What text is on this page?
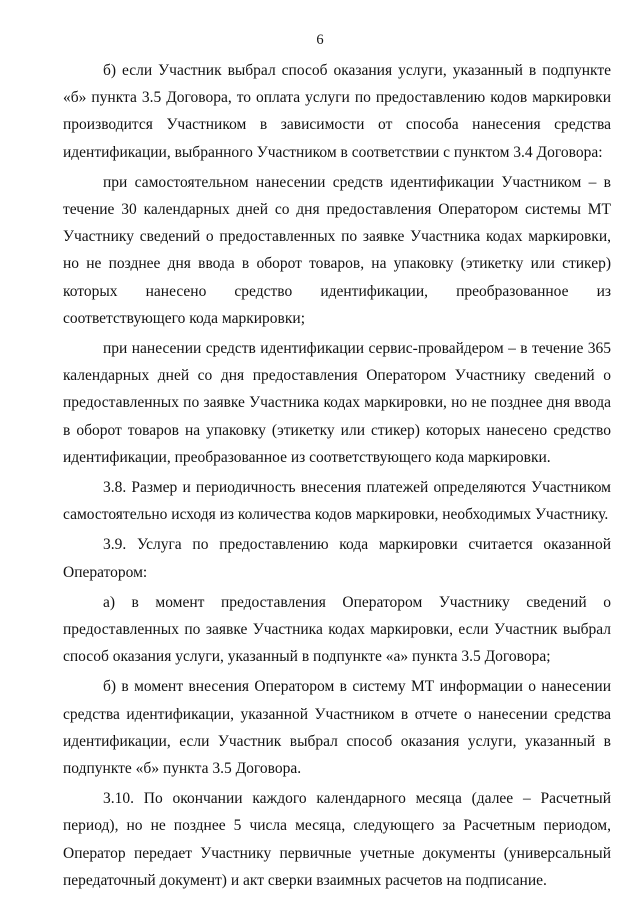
6

б) если Участник выбрал способ оказания услуги, указанный в подпункте «б» пункта 3.5 Договора, то оплата услуги по предоставлению кодов маркировки производится Участником в зависимости от способа нанесения средства идентификации, выбранного Участником в соответствии с пунктом 3.4 Договора:

при самостоятельном нанесении средств идентификации Участником – в течение 30 календарных дней со дня предоставления Оператором системы МТ Участнику сведений о предоставленных по заявке Участника кодах маркировки, но не позднее дня ввода в оборот товаров, на упаковку (этикетку или стикер) которых нанесено средство идентификации, преобразованное из соответствующего кода маркировки;

при нанесении средств идентификации сервис-провайдером – в течение 365 календарных дней со дня предоставления Оператором Участнику сведений о предоставленных по заявке Участника кодах маркировки, но не позднее дня ввода в оборот товаров на упаковку (этикетку или стикер) которых нанесено средство идентификации, преобразованное из соответствующего кода маркировки.

3.8. Размер и периодичность внесения платежей определяются Участником самостоятельно исходя из количества кодов маркировки, необходимых Участнику.

3.9. Услуга по предоставлению кода маркировки считается оказанной Оператором:

а) в момент предоставления Оператором Участнику сведений о предоставленных по заявке Участника кодах маркировки, если Участник выбрал способ оказания услуги, указанный в подпункте «а» пункта 3.5 Договора;

б) в момент внесения Оператором в систему МТ информации о нанесении средства идентификации, указанной Участником в отчете о нанесении средства идентификации, если Участник выбрал способ оказания услуги, указанный в подпункте «б» пункта 3.5 Договора.

3.10. По окончании каждого календарного месяца (далее – Расчетный период), но не позднее 5 числа месяца, следующего за Расчетным периодом, Оператор передает Участнику первичные учетные документы (универсальный передаточный документ) и акт сверки взаимных расчетов на подписание.
